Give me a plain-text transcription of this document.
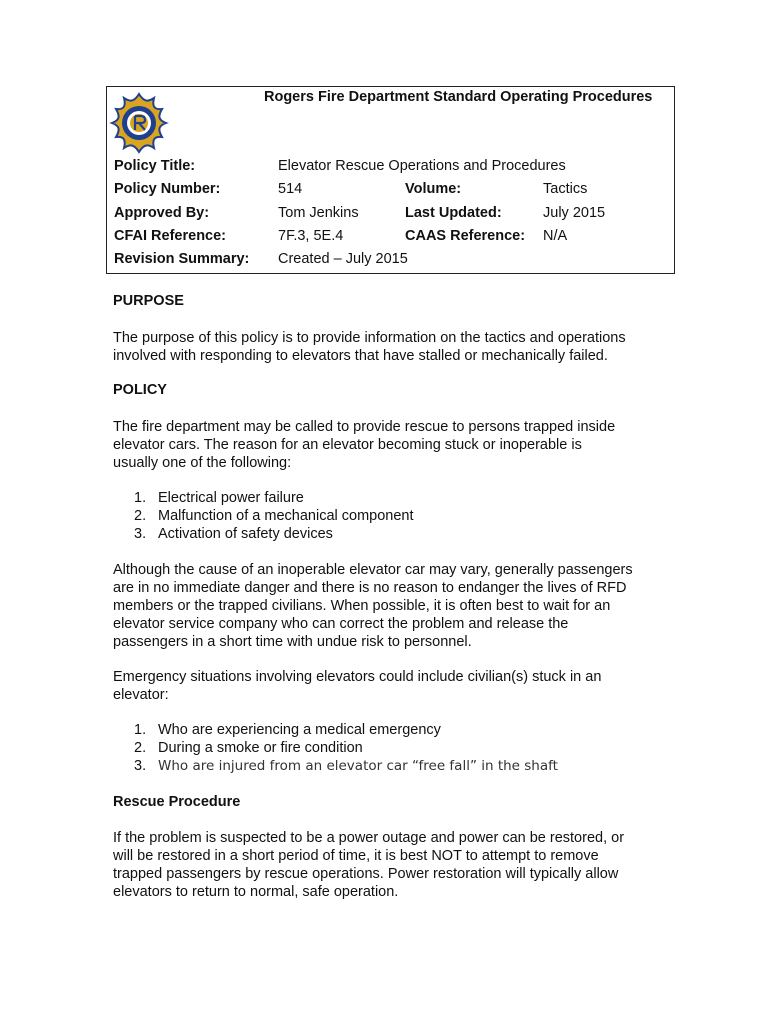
Rogers Fire Department Standard Operating Procedures
Policy Title:	Elevator Rescue Operations and Procedures
Policy Number:	514	Volume:	Tactics
Approved By:	Tom Jenkins	Last Updated:	July 2015
CFAI Reference:	7F.3, 5E.4	CAAS Reference: N/A
Revision Summary: Created – July 2015
PURPOSE
The purpose of this policy is to provide information on the tactics and operations
involved with responding to elevators that have stalled or mechanically failed.
POLICY
The fire department may be called to provide rescue to persons trapped inside
elevator cars. The reason for an elevator becoming stuck or inoperable is
usually one of the following:
1. Electrical power failure
2. Malfunction of a mechanical component
3. Activation of safety devices
Although the cause of an inoperable elevator car may vary, generally passengers
are in no immediate danger and there is no reason to endanger the lives of RFD
members or the trapped civilians. When possible, it is often best to wait for an
elevator service company who can correct the problem and release the
passengers in a short time with undue risk to personnel.
Emergency situations involving elevators could include civilian(s) stuck in an
elevator:
1. Who are experiencing a medical emergency
2. During a smoke or fire condition
3. Who are injured from an elevator car “free fall” in the shaft
Rescue Procedure
If the problem is suspected to be a power outage and power can be restored, or
will be restored in a short period of time, it is best NOT to attempt to remove
trapped passengers by rescue operations. Power restoration will typically allow
elevators to return to normal, safe operation.
